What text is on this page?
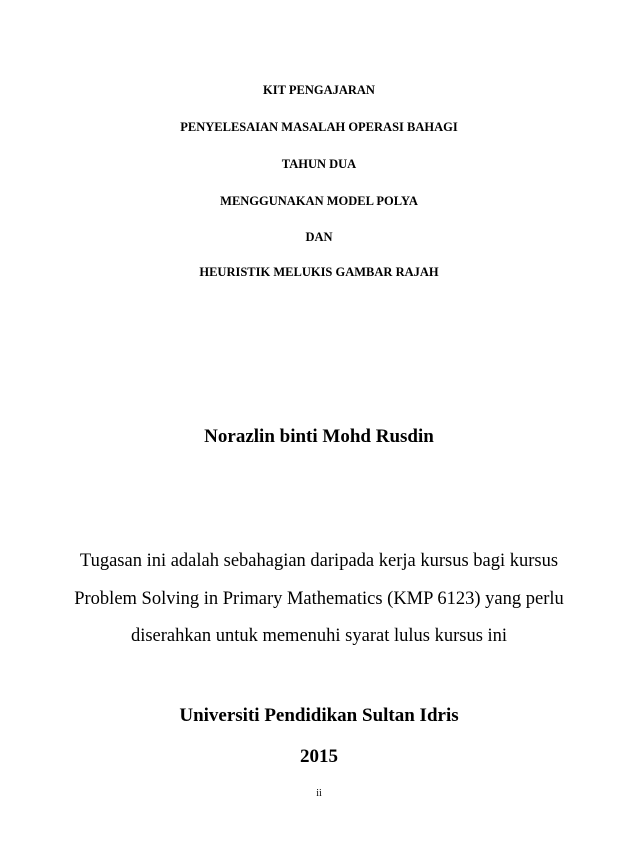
KIT PENGAJARAN
PENYELESAIAN MASALAH OPERASI BAHAGI
TAHUN DUA
MENGGUNAKAN MODEL POLYA
DAN
HEURISTIK MELUKIS GAMBAR RAJAH
Norazlin binti Mohd Rusdin
Tugasan ini adalah sebahagian daripada kerja kursus bagi kursus
Problem Solving in Primary Mathematics (KMP 6123) yang perlu
diserahkan untuk memenuhi syarat lulus kursus ini
Universiti Pendidikan Sultan Idris
2015
ii
